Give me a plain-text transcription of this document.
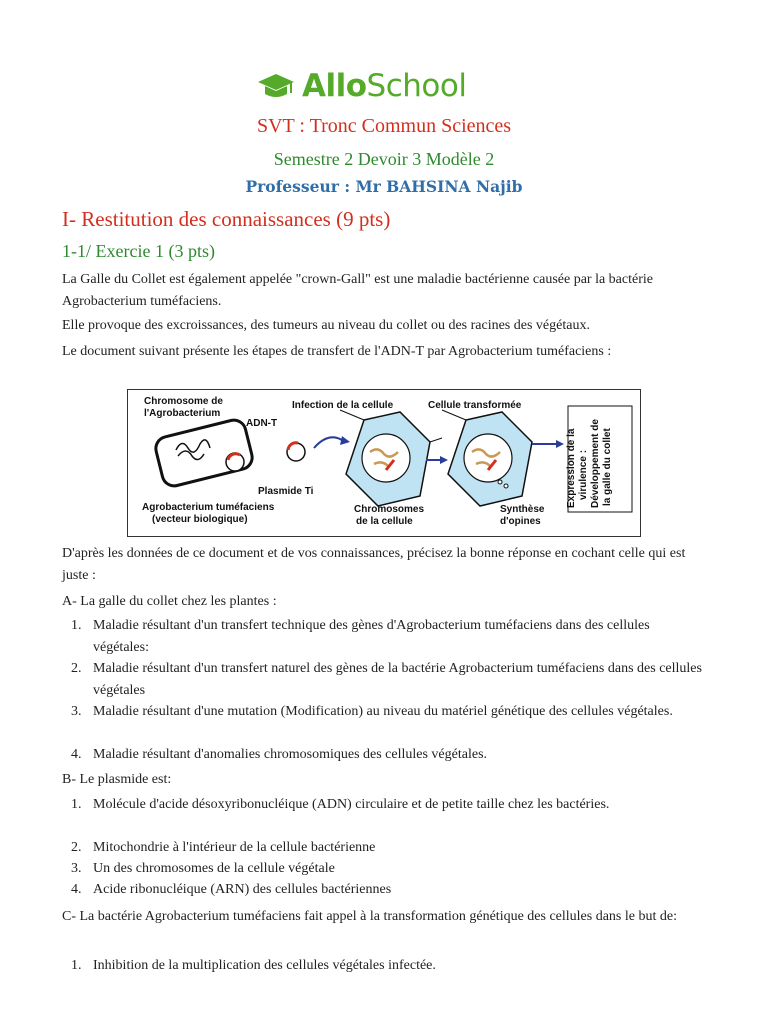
AlloSchool
SVT : Tronc Commun Sciences
Semestre 2 Devoir 3 Modèle 2
Professeur : Mr BAHSINA Najib
I- Restitution des connaissances (9 pts)
1-1/ Exercie 1 (3 pts)
La Galle du Collet est également appelée "crown-Gall" est une maladie bactérienne causée par la bactérie Agrobacterium tuméfaciens.
Elle provoque des excroissances, des tumeurs au niveau du collet ou des racines des végétaux.
Le document suivant présente les étapes de transfert de l'ADN-T par Agrobacterium tuméfaciens :
Chromosome de
l'Agrobacterium
ADN-T
Plasmide Ti
Agrobacterium tuméfaciens
(vecteur biologique)
Infection de la cellule	Cellule transformée
Chromosomes
de la cellule
Synthèse
d'opines
Expression de la virulence : Développement de la galle du collet
D'après les données de ce document et de vos connaissances, précisez la bonne réponse en cochant celle qui est juste :
A- La galle du collet chez les plantes :
1. Maladie résultant d'un transfert technique des gènes d'Agrobacterium tuméfaciens dans des cellules végétales:
2. Maladie résultant d'un transfert naturel des gènes de la bactérie Agrobacterium tuméfaciens dans des cellules végétales
3. Maladie résultant d'une mutation (Modification) au niveau du matériel génétique des cellules végétales.
4. Maladie résultant d'anomalies chromosomiques des cellules végétales.
B- Le plasmide est:
1. Molécule d'acide désoxyribonucléique (ADN) circulaire et de petite taille chez les bactéries.
2. Mitochondrie à l'intérieur de la cellule bactérienne
3. Un des chromosomes de la cellule végétale
4. Acide ribonucléique (ARN) des cellules bactériennes
C- La bactérie Agrobacterium tuméfaciens fait appel à la transformation génétique des cellules dans le but de:
1. Inhibition de la multiplication des cellules végétales infectée.
